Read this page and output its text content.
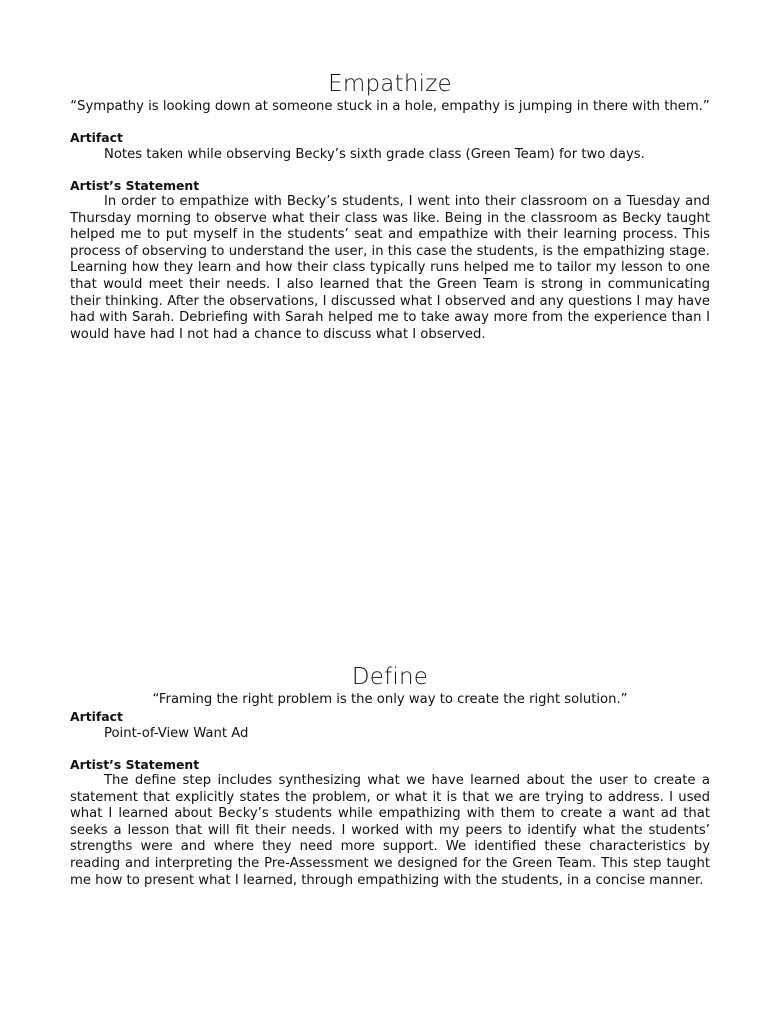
Empathize

“Sympathy is looking down at someone stuck in a hole, empathy is jumping in there with them.”

Artifact

Notes taken while observing Becky’s sixth grade class (Green Team) for two days.

Artist’s Statement

In order to empathize with Becky’s students, I went into their classroom on a Tuesday and Thursday morning to observe what their class was like. Being in the classroom as Becky taught helped me to put myself in the students’ seat and empathize with their learning process. This process of observing to understand the user, in this case the students, is the empathizing stage. Learning how they learn and how their class typically runs helped me to tailor my lesson to one that would meet their needs. I also learned that the Green Team is strong in communicating their thinking. After the observations, I discussed what I observed and any questions I may have had with Sarah. Debriefing with Sarah helped me to take away more from the experience than I would have had I not had a chance to discuss what I observed.

Define

“Framing the right problem is the only way to create the right solution.”

Artifact

Point-of-View Want Ad

Artist’s Statement

The define step includes synthesizing what we have learned about the user to create a statement that explicitly states the problem, or what it is that we are trying to address. I used what I learned about Becky’s students while empathizing with them to create a want ad that seeks a lesson that will fit their needs. I worked with my peers to identify what the students’ strengths were and where they need more support. We identified these characteristics by reading and interpreting the Pre-Assessment we designed for the Green Team. This step taught me how to present what I learned, through empathizing with the students, in a concise manner.
